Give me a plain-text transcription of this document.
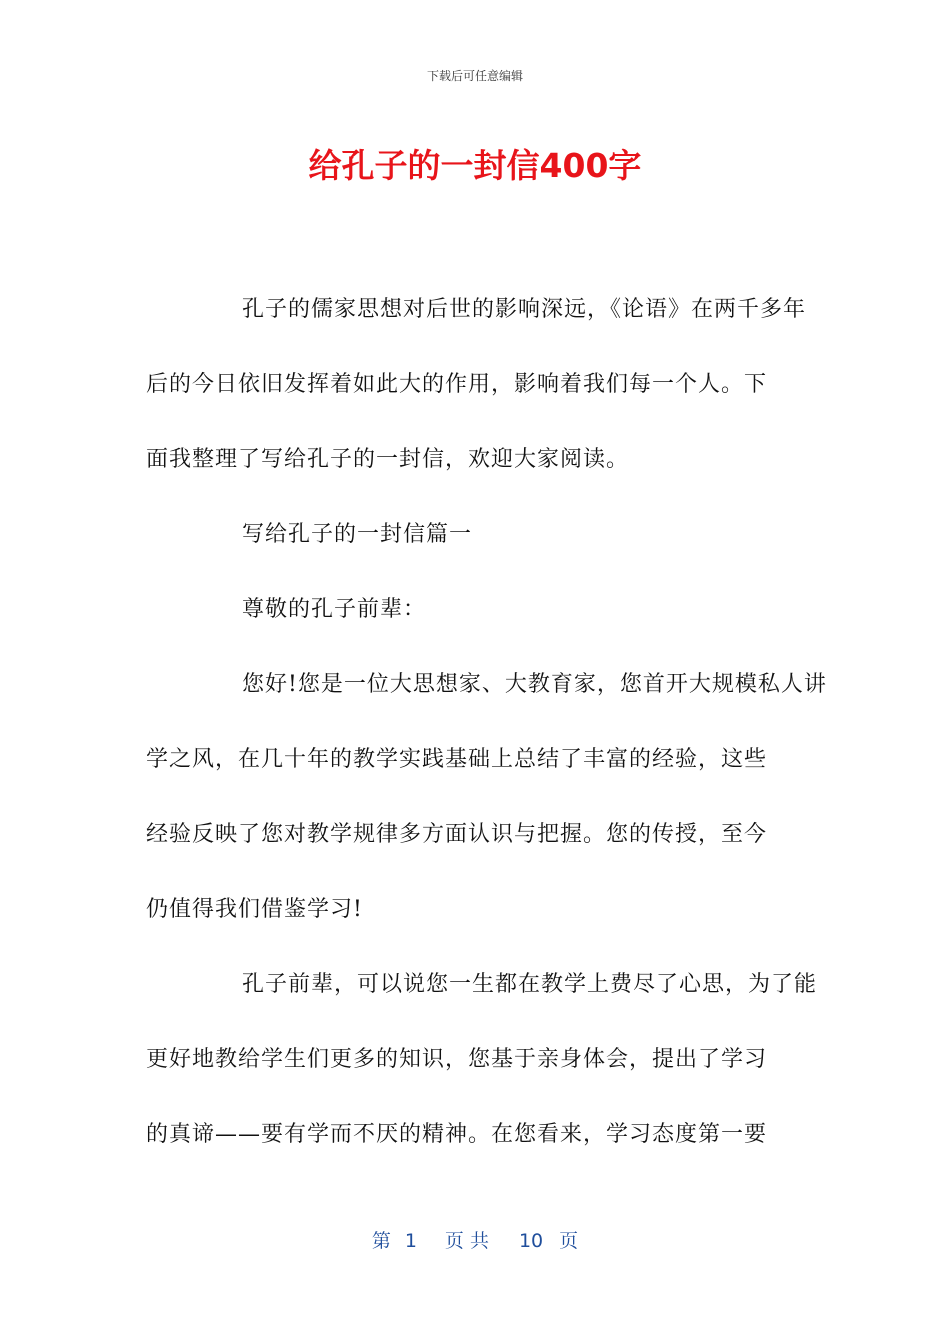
下载后可任意编辑
给孔子的一封信400字
孔子的儒家思想对后世的影响深远，《论语》在两千多年
后的今日依旧发挥着如此大的作用，影响着我们每一个人。下
面我整理了写给孔子的一封信，欢迎大家阅读。
写给孔子的一封信篇一
尊敬的孔子前辈：
您好!您是一位大思想家、大教育家，您首开大规模私人讲
学之风，在几十年的教学实践基础上总结了丰富的经验，这些
经验反映了您对教学规律多方面认识与把握。您的传授，至今
仍值得我们借鉴学习!
孔子前辈，可以说您一生都在教学上费尽了心思，为了能
更好地教给学生们更多的知识，您基于亲身体会，提出了学习
的真谛——要有学而不厌的精神。在您看来，学习态度第一要
第 1 页 共 10 页
